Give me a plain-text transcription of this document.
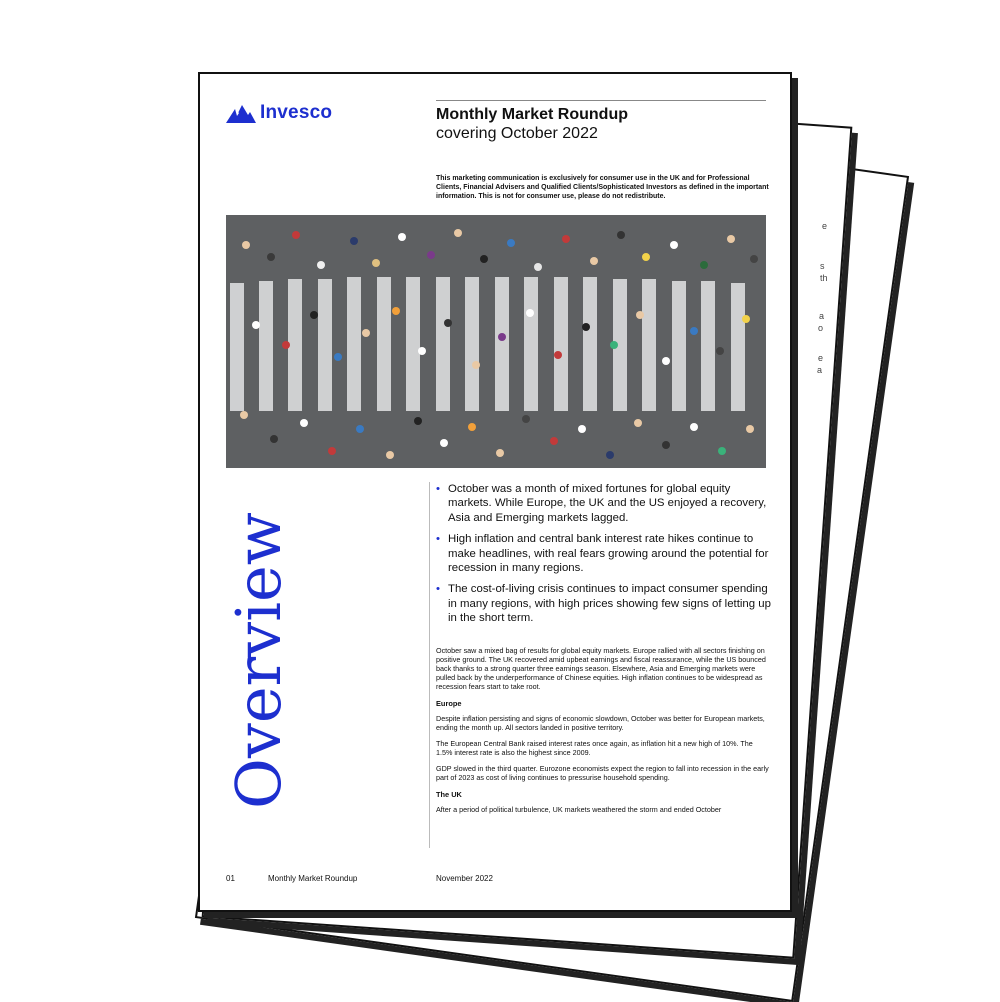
e
s
th
a
o
e
a
Invesco	Monthly Market Roundup
covering October 2022
This marketing communication is exclusively for consumer use in the UK and for Professional Clients, Financial Advisers and Qualified Clients/Sophisticated Investors as defined in the important information. This is not for consumer use, please do not redistribute.
Overview
• October was a month of mixed fortunes for global equity markets. While Europe, the UK and the US enjoyed a recovery, Asia and Emerging markets lagged.
• High inflation and central bank interest rate hikes continue to make headlines, with real fears growing around the potential for recession in many regions.
• The cost-of-living crisis continues to impact consumer spending in many regions, with high prices showing few signs of letting up in the short term.

October saw a mixed bag of results for global equity markets. Europe rallied with all sectors finishing on positive ground. The UK recovered amid upbeat earnings and fiscal reassurance, while the US bounced back thanks to a strong quarter three earnings season. Elsewhere, Asia and Emerging markets were pulled back by the underperformance of Chinese equities. High inflation continues to be widespread as recession fears start to take root.

Europe

Despite inflation persisting and signs of economic slowdown, October was better for European markets, ending the month up. All sectors landed in positive territory.

The European Central Bank raised interest rates once again, as inflation hit a new high of 10%. The 1.5% interest rate is also the highest since 2009.

GDP slowed in the third quarter. Eurozone economists expect the region to fall into recession in the early part of 2023 as cost of living continues to pressurise household spending.

The UK

After a period of political turbulence, UK markets weathered the storm and ended October

01	Monthly Market Roundup	November 2022
